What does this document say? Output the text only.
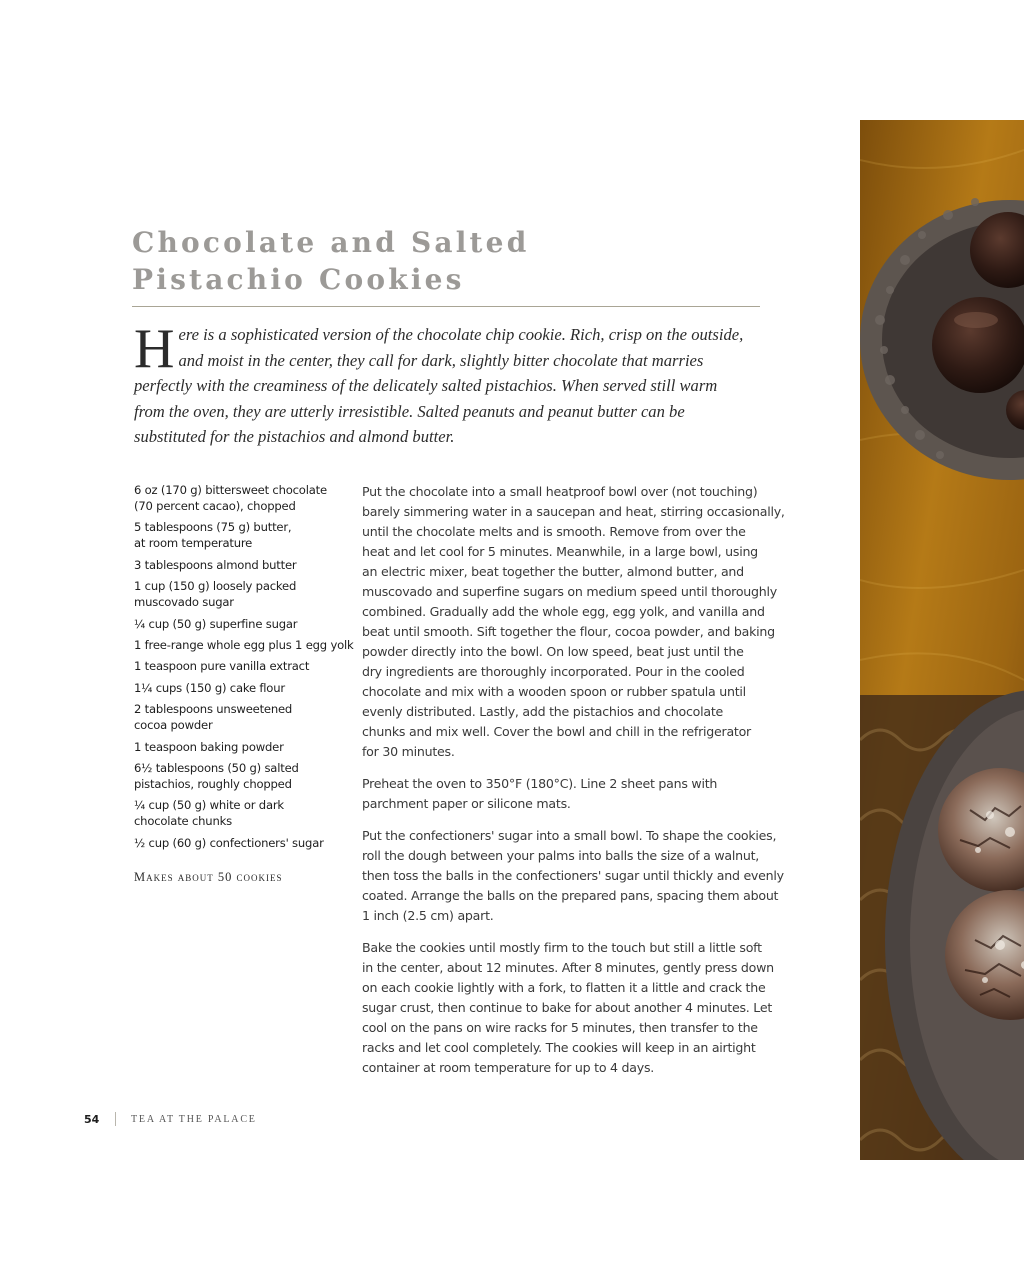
Chocolate and Salted
Pistachio Cookies
H ere is a sophisticated version of the chocolate chip cookie. Rich, crisp on the outside,
and moist in the center, they call for dark, slightly bitter chocolate that marries
perfectly with the creaminess of the delicately salted pistachios. When served still warm
from the oven, they are utterly irresistible. Salted peanuts and peanut butter can be
substituted for the pistachios and almond butter.
6 oz (170 g) bittersweet chocolate
(70 percent cacao), chopped
5 tablespoons (75 g) butter,
at room temperature
3 tablespoons almond butter
1 cup (150 g) loosely packed
muscovado sugar
¼ cup (50 g) superfine sugar
1 free-range whole egg plus 1 egg yolk
1 teaspoon pure vanilla extract
1¼ cups (150 g) cake flour
2 tablespoons unsweetened
cocoa powder
1 teaspoon baking powder
6½ tablespoons (50 g) salted
pistachios, roughly chopped
¼ cup (50 g) white or dark
chocolate chunks
½ cup (60 g) confectioners' sugar
Makes about 50 cookies

Put the chocolate into a small heatproof bowl over (not touching)
barely simmering water in a saucepan and heat, stirring occasionally,
until the chocolate melts and is smooth. Remove from over the
heat and let cool for 5 minutes. Meanwhile, in a large bowl, using
an electric mixer, beat together the butter, almond butter, and
muscovado and superfine sugars on medium speed until thoroughly
combined. Gradually add the whole egg, egg yolk, and vanilla and
beat until smooth. Sift together the flour, cocoa powder, and baking
powder directly into the bowl. On low speed, beat just until the
dry ingredients are thoroughly incorporated. Pour in the cooled
chocolate and mix with a wooden spoon or rubber spatula until
evenly distributed. Lastly, add the pistachios and chocolate
chunks and mix well. Cover the bowl and chill in the refrigerator
for 30 minutes.

Preheat the oven to 350°F (180°C). Line 2 sheet pans with
parchment paper or silicone mats.

Put the confectioners' sugar into a small bowl. To shape the cookies,
roll the dough between your palms into balls the size of a walnut,
then toss the balls in the confectioners' sugar until thickly and evenly
coated. Arrange the balls on the prepared pans, spacing them about
1 inch (2.5 cm) apart.

Bake the cookies until mostly firm to the touch but still a little soft
in the center, about 12 minutes. After 8 minutes, gently press down
on each cookie lightly with a fork, to flatten it a little and crack the
sugar crust, then continue to bake for about another 4 minutes. Let
cool on the pans on wire racks for 5 minutes, then transfer to the
racks and let cool completely. The cookies will keep in an airtight
container at room temperature for up to 4 days.

54	TEA AT THE PALACE
